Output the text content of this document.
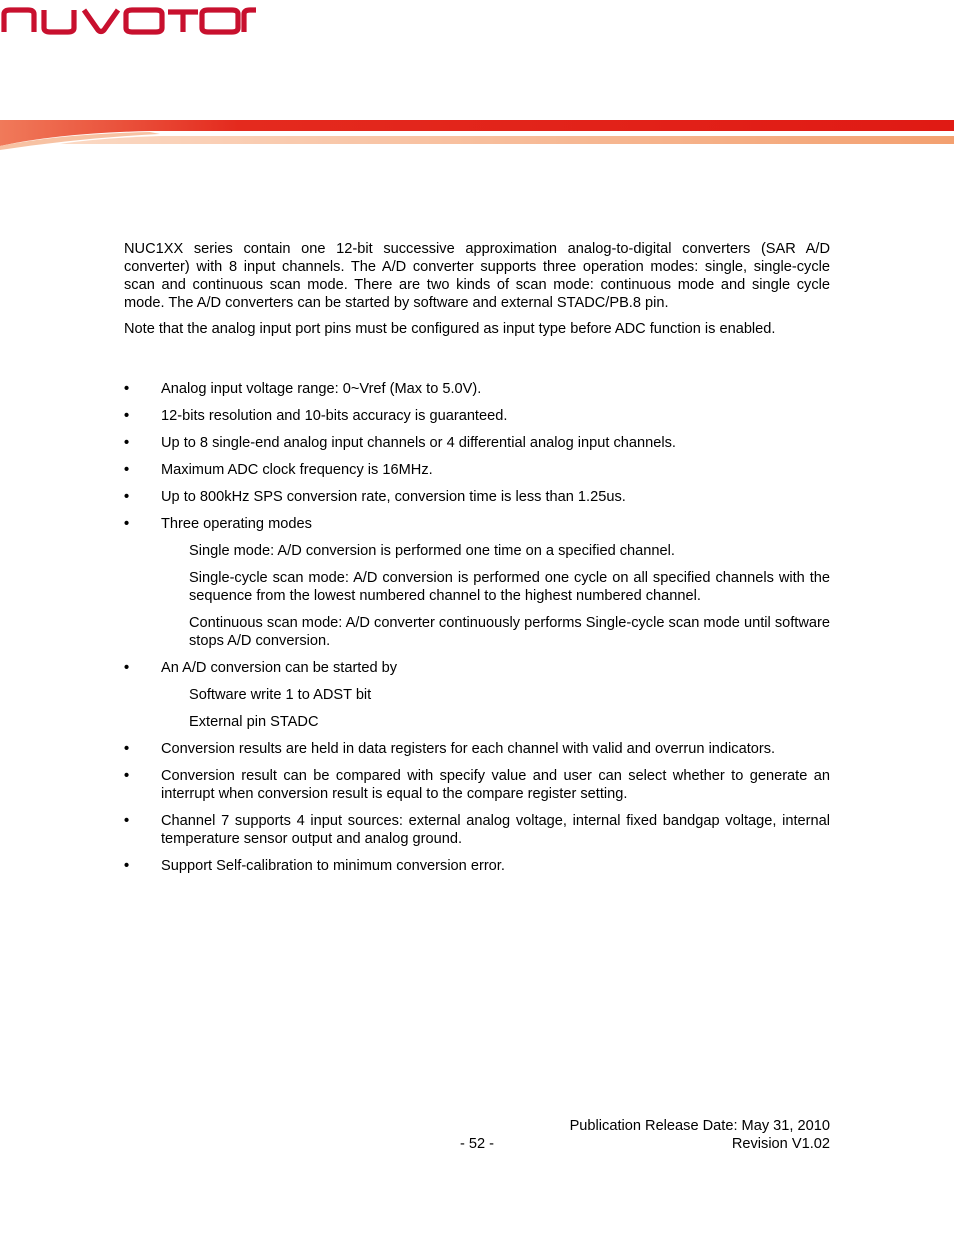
nuvoTon

NUC1XX series contain one 12-bit successive approximation analog-to-digital converters (SAR A/D converter) with 8 input channels. The A/D converter supports three operation modes: single, single-cycle scan and continuous scan mode. There are two kinds of scan mode: continuous mode and single cycle mode. The A/D converters can be started by software and external STADC/PB.8 pin.

Note that the analog input port pins must be configured as input type before ADC function is enabled.

•	Analog input voltage range: 0~Vref (Max to 5.0V).
•	12-bits resolution and 10-bits accuracy is guaranteed.
•	Up to 8 single-end analog input channels or 4 differential analog input channels.
•	Maximum ADC clock frequency is 16MHz.
•	Up to 800kHz SPS conversion rate, conversion time is less than 1.25us.
•	Three operating modes
Single mode: A/D conversion is performed one time on a specified channel.
Single-cycle scan mode: A/D conversion is performed one cycle on all specified channels with the sequence from the lowest numbered channel to the highest numbered channel.
Continuous scan mode: A/D converter continuously performs Single-cycle scan mode until software stops A/D conversion.
•	An A/D conversion can be started by
Software write 1 to ADST bit
External pin STADC
•	Conversion results are held in data registers for each channel with valid and overrun indicators.
•	Conversion result can be compared with specify value and user can select whether to generate an interrupt when conversion result is equal to the compare register setting.
•	Channel 7 supports 4 input sources: external analog voltage, internal fixed bandgap voltage, internal temperature sensor output and analog ground.
•	Support Self-calibration to minimum conversion error.
Publication Release Date: May 31, 2010
Revision V1.02
- 52 -
